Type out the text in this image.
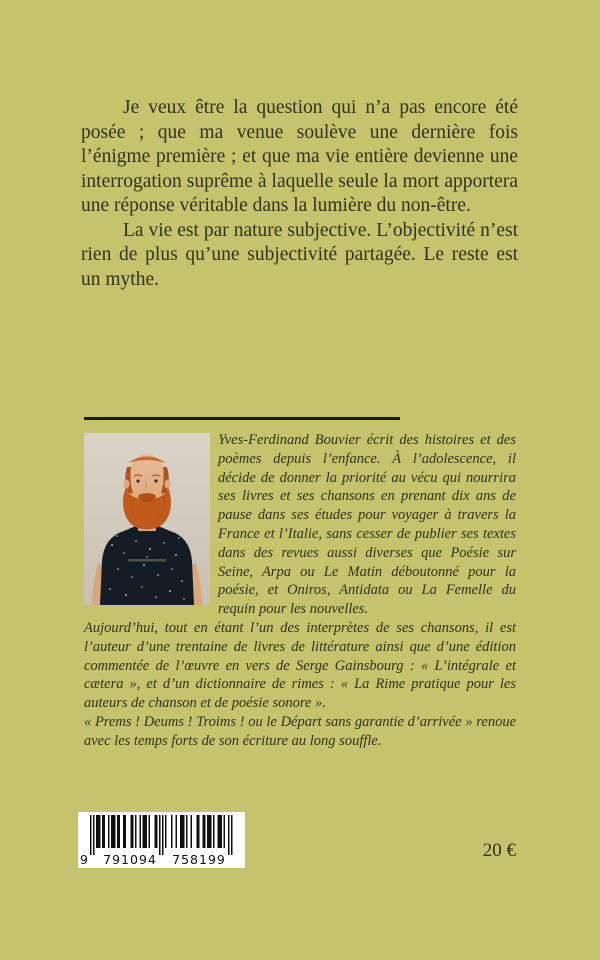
Je veux être la question qui n’a pas encore été posée ; que ma venue soulève une dernière fois l’énigme première ; et que ma vie entière devienne une interrogation suprême à laquelle seule la mort apportera une réponse véritable dans la lumière du non-être.

La vie est par nature subjective. L’objectivité n’est rien de plus qu’une subjectivité partagée. Le reste est un mythe.

Yves-Ferdinand Bouvier écrit des histoires et des poèmes depuis l’enfance. À l’adolescence, il décide de donner la priorité au vécu qui nourrira ses livres et ses chansons en prenant dix ans de pause dans ses études pour voyager à travers la France et l’Italie, sans cesser de publier ses textes dans des revues aussi diverses que Poésie sur Seine, Arpa ou Le Matin déboutonné pour la poésie, et Oniros, Antidata ou La Femelle du requin pour les nouvelles.

Aujourd’hui, tout en étant l’un des interprètes de ses chansons, il est l’auteur d’une trentaine de livres de littérature ainsi que d’une édition commentée de l’œuvre en vers de Serge Gainsbourg : « L’intégrale et cætera », et d’un dictionnaire de rimes : « La Rime pratique pour les auteurs de chanson et de poésie sonore ».

« Prems ! Deums ! Troims ! ou le Départ sans garantie d’arrivée » renoue avec les temps forts de son écriture au long souffle.

9	791094	758199	20 €
